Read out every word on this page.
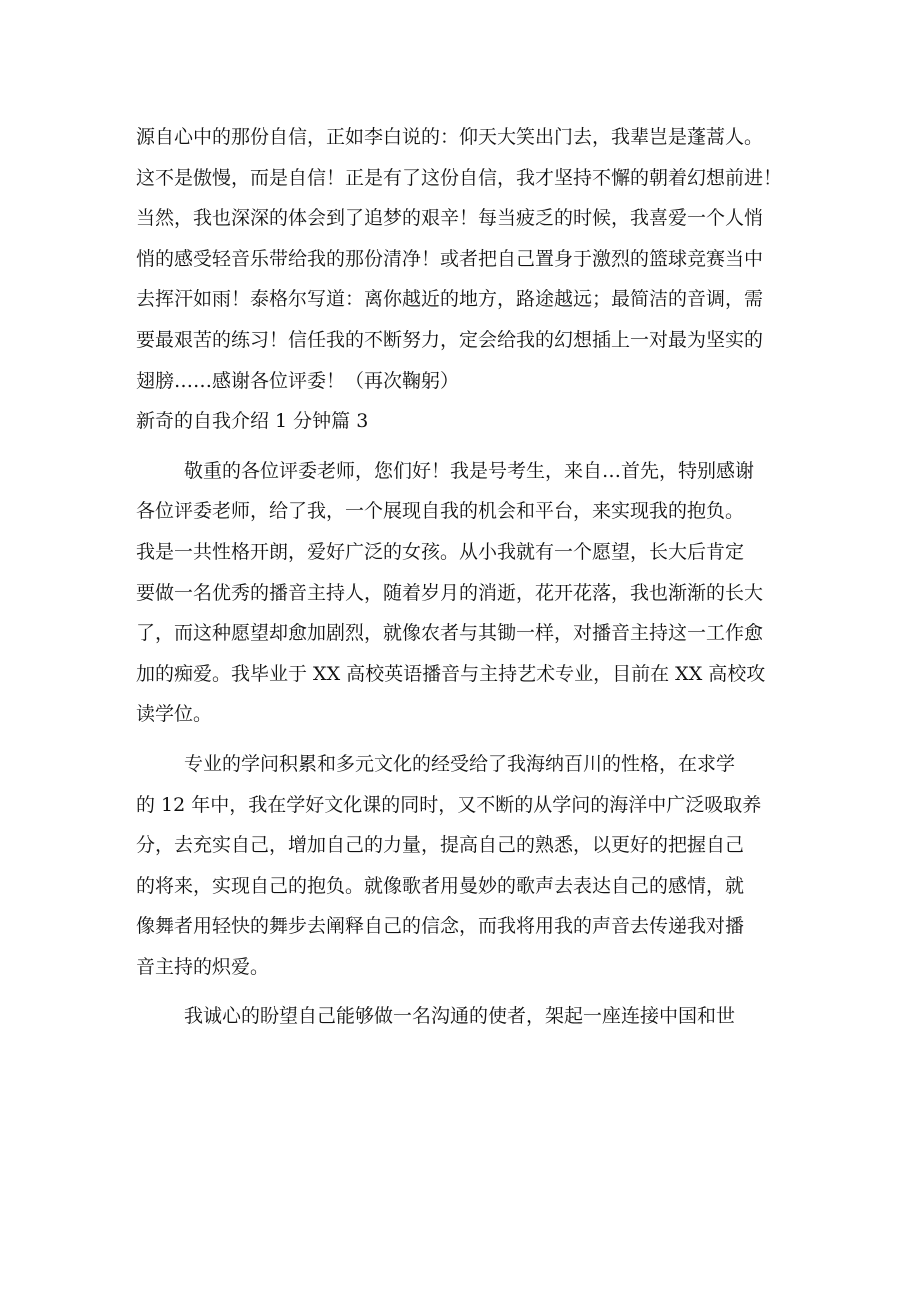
源自心中的那份自信，正如李白说的：仰天大笑出门去，我辈岂是蓬蒿人。
这不是傲慢，而是自信！正是有了这份自信，我才坚持不懈的朝着幻想前进！
当然，我也深深的体会到了追梦的艰辛！每当疲乏的时候，我喜爱一个人悄
悄的感受轻音乐带给我的那份清净！或者把自己置身于激烈的篮球竞赛当中
去挥汗如雨！泰格尔写道：离你越近的地方，路途越远；最简洁的音调，需
要最艰苦的练习！信任我的不断努力，定会给我的幻想插上一对最为坚实的
翅膀……感谢各位评委！（再次鞠躬）
新奇的自我介绍 1 分钟篇 3
敬重的各位评委老师，您们好！我是号考生，来自…首先，特别感谢
各位评委老师，给了我，一个展现自我的机会和平台，来实现我的抱负。
我是一共性格开朗，爱好广泛的女孩。从小我就有一个愿望，长大后肯定
要做一名优秀的播音主持人，随着岁月的消逝，花开花落，我也渐渐的长大
了，而这种愿望却愈加剧烈，就像农者与其锄一样，对播音主持这一工作愈
加的痴爱。我毕业于 XX 高校英语播音与主持艺术专业，目前在 XX 高校攻
读学位。
专业的学问积累和多元文化的经受给了我海纳百川的性格，在求学
的 12 年中，我在学好文化课的同时，又不断的从学问的海洋中广泛吸取养
分，去充实自己，增加自己的力量，提高自己的熟悉，以更好的把握自己
的将来，实现自己的抱负。就像歌者用曼妙的歌声去表达自己的感情，就
像舞者用轻快的舞步去阐释自己的信念，而我将用我的声音去传递我对播
音主持的炽爱。
我诚心的盼望自己能够做一名沟通的使者，架起一座连接中国和世
